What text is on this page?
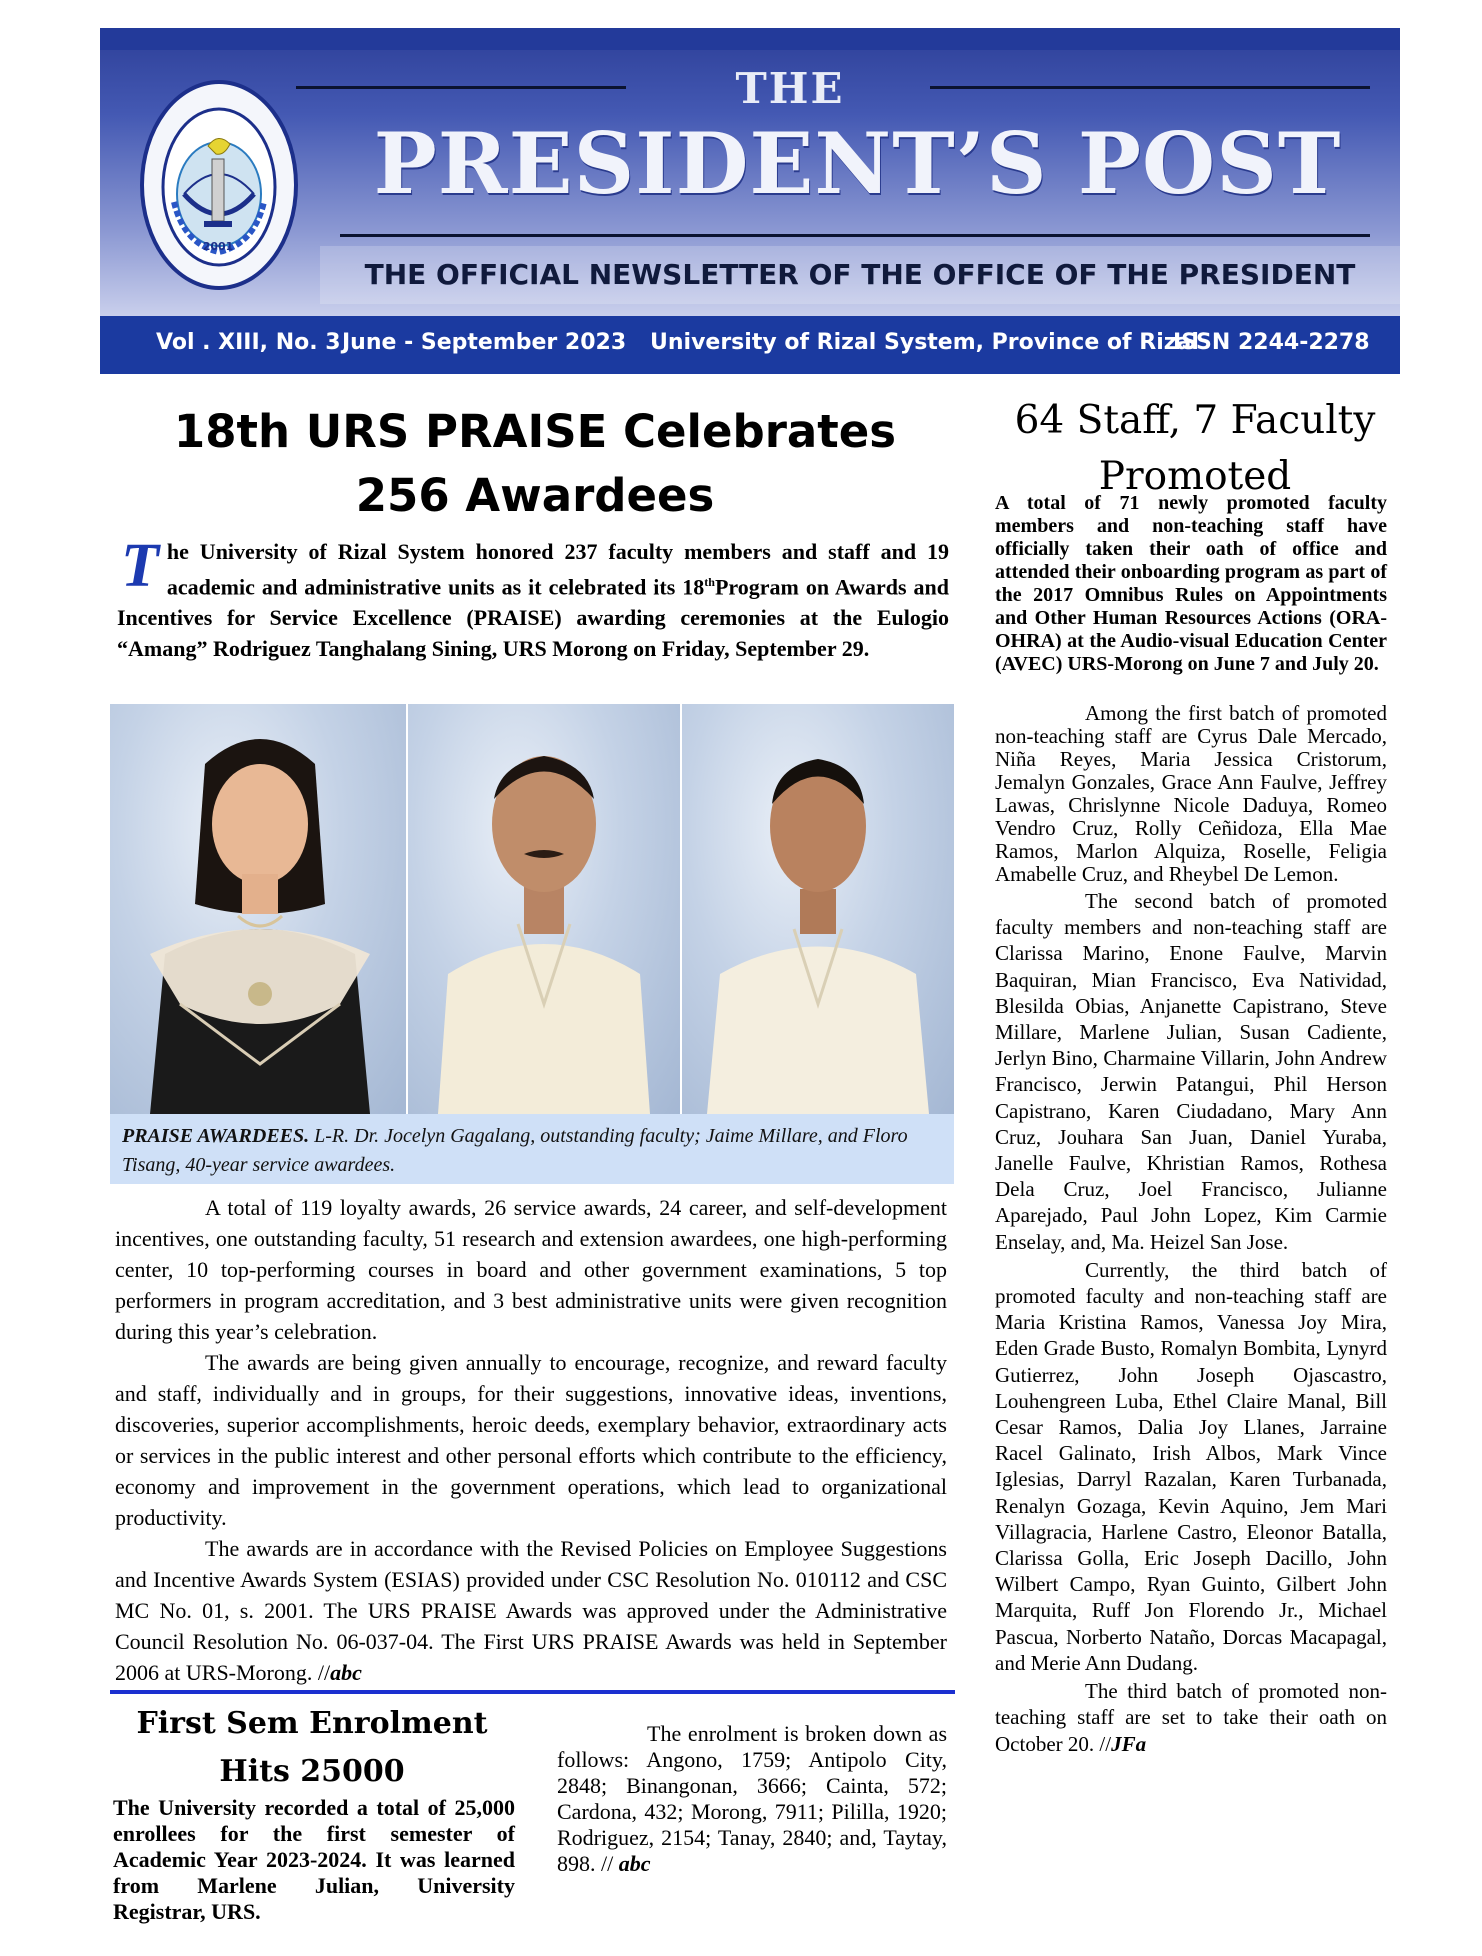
2001
THE
PRESIDENT’S POST
THE OFFICIAL NEWSLETTER OF THE OFFICE OF THE PRESIDENT
Vol . XIII, No. 3 June - September 2023 University of Rizal System, Province of Rizal
ISSN 2244-2278
18th URS PRAISE Celebrates
256 Awardees
The University of Rizal System honored 237 faculty members and staff and 19 academic and administrative units as it celebrated its 18thProgram on Awards and Incentives for Service Excellence (PRAISE) awarding ceremonies at the Eulogio “Amang” Rodriguez Tanghalang Sining, URS Morong on Friday, September 29.
PRAISE AWARDEES. L-R. Dr. Jocelyn Gagalang, outstanding faculty; Jaime Millare, and Floro Tisang, 40-year service awardees.

A total of 119 loyalty awards, 26 service awards, 24 career, and self-development incentives, one outstanding faculty, 51 research and extension awardees, one high-performing center, 10 top-performing courses in board and other government examinations, 5 top performers in program accreditation, and 3 best administrative units were given recognition during this year’s celebration.

The awards are being given annually to encourage, recognize, and reward faculty and staff, individually and in groups, for their suggestions, innovative ideas, inventions, discoveries, superior accomplishments, heroic deeds, exemplary behavior, extraordinary acts or services in the public interest and other personal efforts which contribute to the efficiency, economy and improvement in the government operations, which lead to organizational productivity.

The awards are in accordance with the Revised Policies on Employee Suggestions and Incentive Awards System (ESIAS) provided under CSC Resolution No. 010112 and CSC MC No. 01, s. 2001. The URS PRAISE Awards was approved under the Administrative Council Resolution No. 06-037-04. The First URS PRAISE Awards was held in September 2006 at URS-Morong. //abc

First Sem Enrolment
Hits 25000
The University recorded a total of 25,000 enrollees for the first semester of Academic Year 2023-2024. It was learned from Marlene Julian, University Registrar, URS.

The enrolment is broken down as follows: Angono, 1759; Antipolo City, 2848; Binangonan, 3666; Cainta, 572; Cardona, 432; Morong, 7911; Pililla, 1920; Rodriguez, 2154; Tanay, 2840; and, Taytay, 898. // abc

64 Staff, 7 Faculty
Promoted
A total of 71 newly promoted faculty members and non-teaching staff have officially taken their oath of office and attended their onboarding program as part of the 2017 Omnibus Rules on Appointments and Other Human Resources Actions (ORA-OHRA) at the Audio-visual Education Center (AVEC) URS-Morong on June 7 and July 20.

Among the first batch of promoted non-teaching staff are Cyrus Dale Mercado, Niña Reyes, Maria Jessica Cristorum, Jemalyn Gonzales, Grace Ann Faulve, Jeffrey Lawas, Chrislynne Nicole Daduya, Romeo Vendro Cruz, Rolly Ceñidoza, Ella Mae Ramos, Marlon Alquiza, Roselle, Feligia Amabelle Cruz, and Rheybel De Lemon.

The second batch of promoted faculty members and non-teaching staff are Clarissa Marino, Enone Faulve, Marvin Baquiran, Mian Francisco, Eva Natividad, Blesilda Obias, Anjanette Capistrano, Steve Millare, Marlene Julian, Susan Cadiente, Jerlyn Bino, Charmaine Villarin, John Andrew Francisco, Jerwin Patangui, Phil Herson Capistrano, Karen Ciudadano, Mary Ann Cruz, Jouhara San Juan, Daniel Yuraba, Janelle Faulve, Khristian Ramos, Rothesa Dela Cruz, Joel Francisco, Julianne Aparejado, Paul John Lopez, Kim Carmie Enselay, and, Ma. Heizel San Jose.

Currently, the third batch of promoted faculty and non-teaching staff are Maria Kristina Ramos, Vanessa Joy Mira, Eden Grade Busto, Romalyn Bombita, Lynyrd Gutierrez, John Joseph Ojascastro, Louhengreen Luba, Ethel Claire Manal, Bill Cesar Ramos, Dalia Joy Llanes, Jarraine Racel Galinato, Irish Albos, Mark Vince Iglesias, Darryl Razalan, Karen Turbanada, Renalyn Gozaga, Kevin Aquino, Jem Mari Villagracia, Harlene Castro, Eleonor Batalla, Clarissa Golla, Eric Joseph Dacillo, John Wilbert Campo, Ryan Guinto, Gilbert John Marquita, Ruff Jon Florendo Jr., Michael Pascua, Norberto Nataño, Dorcas Macapagal, and Merie Ann Dudang.

The third batch of promoted non-teaching staff are set to take their oath on October 20. //JFa
